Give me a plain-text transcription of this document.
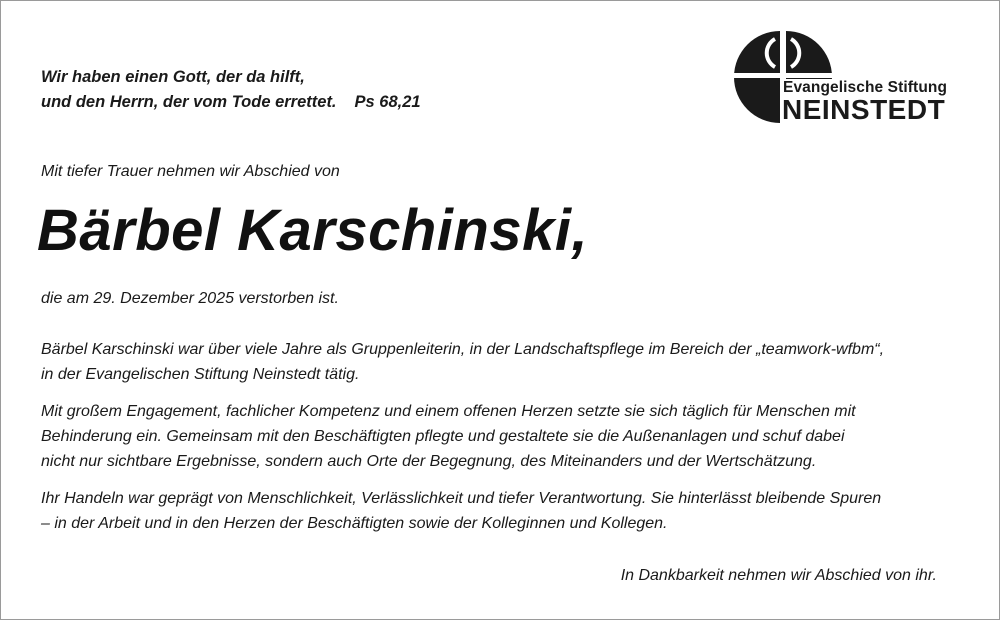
Wir haben einen Gott, der da hilft,
und den Herrn, der vom Tode errettet. Ps 68,21
Evangelische Stiftung
NEINSTEDT
Mit tiefer Trauer nehmen wir Abschied von
Bärbel Karschinski,
die am 29. Dezember 2025 verstorben ist.
Bärbel Karschinski war über viele Jahre als Gruppenleiterin, in der Landschaftspflege im Bereich der „teamwork-wfbm“,
in der Evangelischen Stiftung Neinstedt tätig.
Mit großem Engagement, fachlicher Kompetenz und einem offenen Herzen setzte sie sich täglich für Menschen mit
Behinderung ein. Gemeinsam mit den Beschäftigten pflegte und gestaltete sie die Außenanlagen und schuf dabei
nicht nur sichtbare Ergebnisse, sondern auch Orte der Begegnung, des Miteinanders und der Wertschätzung.
Ihr Handeln war geprägt von Menschlichkeit, Verlässlichkeit und tiefer Verantwortung. Sie hinterlässt bleibende Spuren
– in der Arbeit und in den Herzen der Beschäftigten sowie der Kolleginnen und Kollegen.
In Dankbarkeit nehmen wir Abschied von ihr.
